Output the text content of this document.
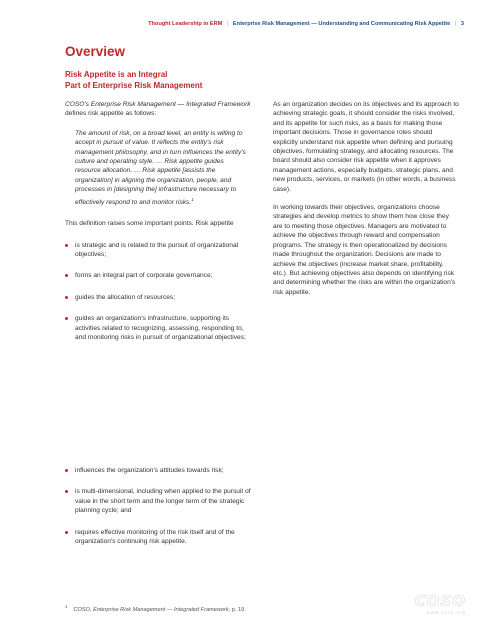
Thought Leadership in ERM | Enterprise Risk Management — Understanding and Communicating Risk Appetite | 3
Overview
Risk Appetite is an Integral
Part of Enterprise Risk Management

COSO's Enterprise Risk Management — Integrated Framework defines risk appetite as follows:

The amount of risk, on a broad level, an entity is willing to accept in pursuit of value. It reflects the entity's risk management philosophy, and in turn influences the entity's culture and operating style. … Risk appetite guides resource allocation. … Risk appetite [assists the organization] in aligning the organization, people, and processes in [designing the] infrastructure necessary to effectively respond to and monitor risks.$^1$

This definition raises some important points. Risk appetite

is strategic and is related to the pursuit of organizational objectives;
forms an integral part of corporate governance;
guides the allocation of resources;
guides an organization's infrastructure, supporting its activities related to recognizing, assessing, responding to, and monitoring risks in pursuit of organizational objectives;
influences the organization's attitudes towards risk;
is multi-dimensional, including when applied to the pursuit of value in the short term and the longer term of the strategic planning cycle; and
requires effective monitoring of the risk itself and of the organization's continuing risk appetite.

As an organization decides on its objectives and its approach to achieving strategic goals, it should consider the risks involved, and its appetite for such risks, as a basis for making those important decisions. Those in governance roles should explicitly understand risk appetite when defining and pursuing objectives, formulating strategy, and allocating resources. The board should also consider risk appetite when it approves management actions, especially budgets, strategic plans, and new products, services, or markets (in other words, a business case).

In working towards their objectives, organizations choose strategies and develop metrics to show them how close they are to meeting those objectives. Managers are motivated to achieve the objectives through reward and compensation programs. The strategy is then operationalized by decisions made throughout the organization. Decisions are made to achieve the objectives (increase market share, profitability, etc.). But achieving objectives also depends on identifying risk and determining whether the risks are within the organization's risk appetite.

$^1$COSO, Enterprise Risk Management — Integrated Framework, p. 19.	COSO
www.coso.org
